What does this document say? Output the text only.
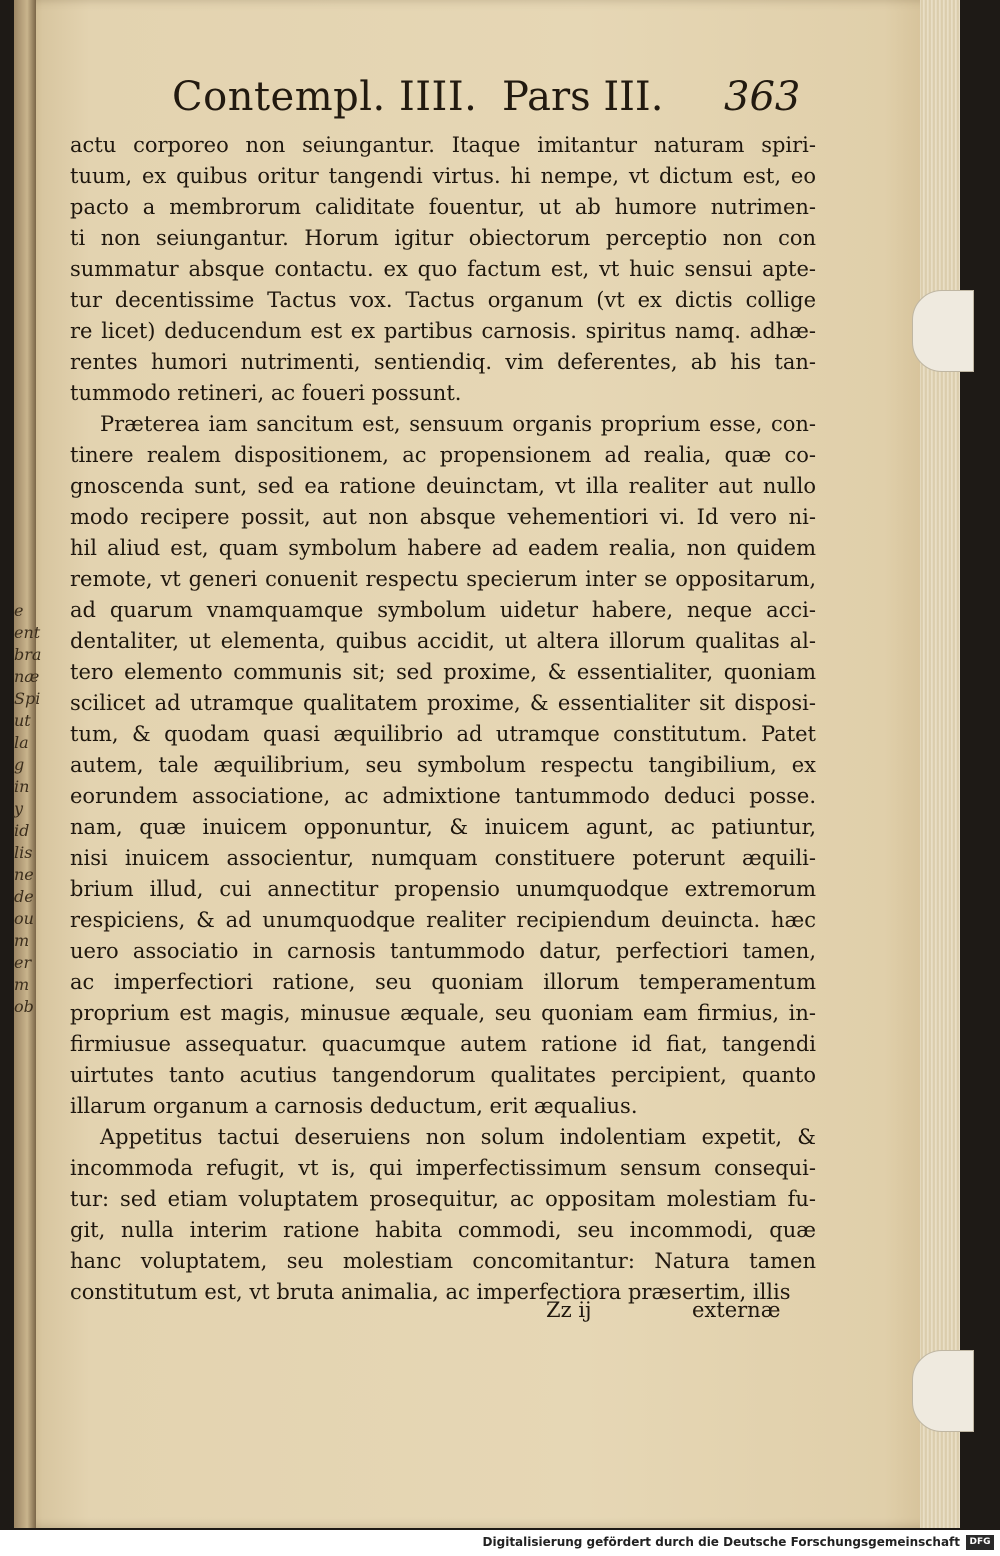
e
ent
bra
næ
Spi
ut
la
g
in
y
id
lis
ne
de
ou
m
er
m
ob
Contempl. IIII. Pars III. 363
actu corporeo non seiungantur. Itaque imitantur naturam spiri-
tuum, ex quibus oritur tangendi virtus. hi nempe, vt dictum est, eo
pacto a membrorum caliditate fouentur, ut ab humore nutrimen-
ti non seiungantur. Horum igitur obiectorum perceptio non con
summatur absque contactu. ex quo factum est, vt huic sensui apte-
tur decentissime Tactus vox. Tactus organum (vt ex dictis collige
re licet) deducendum est ex partibus carnosis. spiritus namq. adhæ-
rentes humori nutrimenti, sentiendiq. vim deferentes, ab his tan-
tummodo retineri, ac foueri possunt.
Præterea iam sancitum est, sensuum organis proprium esse, con-
tinere realem dispositionem, ac propensionem ad realia, quæ co-
gnoscenda sunt, sed ea ratione deuinctam, vt illa realiter aut nullo
modo recipere possit, aut non absque vehementiori vi. Id vero ni-
hil aliud est, quam symbolum habere ad eadem realia, non quidem
remote, vt generi conuenit respectu specierum inter se oppositarum,
ad quarum vnamquamque symbolum uidetur habere, neque acci-
dentaliter, ut elementa, quibus accidit, ut altera illorum qualitas al-
tero elemento communis sit; sed proxime, & essentialiter, quoniam
scilicet ad utramque qualitatem proxime, & essentialiter sit disposi-
tum, & quodam quasi æquilibrio ad utramque constitutum. Patet
autem, tale æquilibrium, seu symbolum respectu tangibilium, ex
eorundem associatione, ac admixtione tantummodo deduci posse.
nam, quæ inuicem opponuntur, & inuicem agunt, ac patiuntur,
nisi inuicem associentur, numquam constituere poterunt æquili-
brium illud, cui annectitur propensio unumquodque extremorum
respiciens, & ad unumquodque realiter recipiendum deuincta. hæc
uero associatio in carnosis tantummodo datur, perfectiori tamen,
ac imperfectiori ratione, seu quoniam illorum temperamentum
proprium est magis, minusue æquale, seu quoniam eam firmius, in-
firmiusue assequatur. quacumque autem ratione id fiat, tangendi
uirtutes tanto acutius tangendorum qualitates percipient, quanto
illarum organum a carnosis deductum, erit æqualius.
Appetitus tactui deseruiens non solum indolentiam expetit, &
incommoda refugit, vt is, qui imperfectissimum sensum consequi-
tur: sed etiam voluptatem prosequitur, ac oppositam molestiam fu-
git, nulla interim ratione habita commodi, seu incommodi, quæ
hanc voluptatem, seu molestiam concomitantur: Natura tamen
constitutum est, vt bruta animalia, ac imperfectiora præsertim, illis
Zz ij	externæ
Digitalisierung gefördert durch die Deutsche Forschungsgemeinschaft	DFG
